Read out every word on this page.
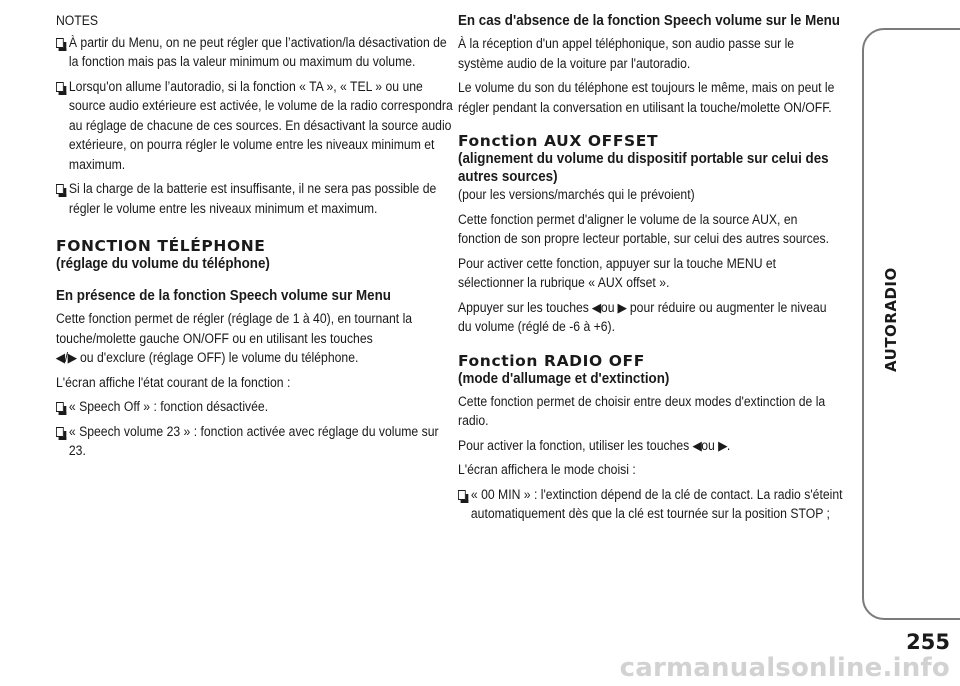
NOTES

À partir du Menu, on ne peut régler que l’activation/la désactivation de la fonction mais pas la valeur minimum ou maximum du volume.

Lorsqu'on allume l’autoradio, si la fonction « TA », « TEL » ou une source audio extérieure est activée, le volume de la radio correspondra au réglage de chacune de ces sources. En désactivant la source audio extérieure, on pourra régler le volume entre les niveaux minimum et maximum.

Si la charge de la batterie est insuffisante, il ne sera pas possible de régler le volume entre les niveaux minimum et maximum.

FONCTION TÉLÉPHONE

(réglage du volume du téléphone)

En présence de la fonction Speech volume sur Menu

Cette fonction permet de régler (réglage de 1 à 40), en tournant la touche/molette gauche ON/OFF ou en utilisant les touches
◀/▶ ou d'exclure (réglage OFF) le volume du téléphone.

L'écran affiche l'état courant de la fonction :

« Speech Off » : fonction désactivée.

« Speech volume 23 » : fonction activée avec réglage du volume sur 23.

En cas d'absence de la fonction Speech volume sur le Menu

À la réception d'un appel téléphonique, son audio passe sur le système audio de la voiture par l'autoradio.

Le volume du son du téléphone est toujours le même, mais on peut le régler pendant la conversation en utilisant la touche/molette ON/OFF.

Fonction AUX OFFSET

(alignement du volume du dispositif portable sur celui des autres sources)

(pour les versions/marchés qui le prévoient)

Cette fonction permet d'aligner le volume de la source AUX, en fonction de son propre lecteur portable, sur celui des autres sources.

Pour activer cette fonction, appuyer sur la touche MENU et sélectionner la rubrique « AUX offset ».

Appuyer sur les touches ◀ou ▶ pour réduire ou augmenter le niveau du volume (réglé de -6 à +6).

Fonction RADIO OFF

(mode d'allumage et d'extinction)

Cette fonction permet de choisir entre deux modes d'extinction de la radio.

Pour activer la fonction, utiliser les touches ◀ou ▶.

L'écran affichera le mode choisi :

« 00 MIN » : l'extinction dépend de la clé de contact. La radio s'éteint automatiquement dès que la clé est tournée sur la position STOP ;

AUTORADIO
255
carmanualsonline.info
